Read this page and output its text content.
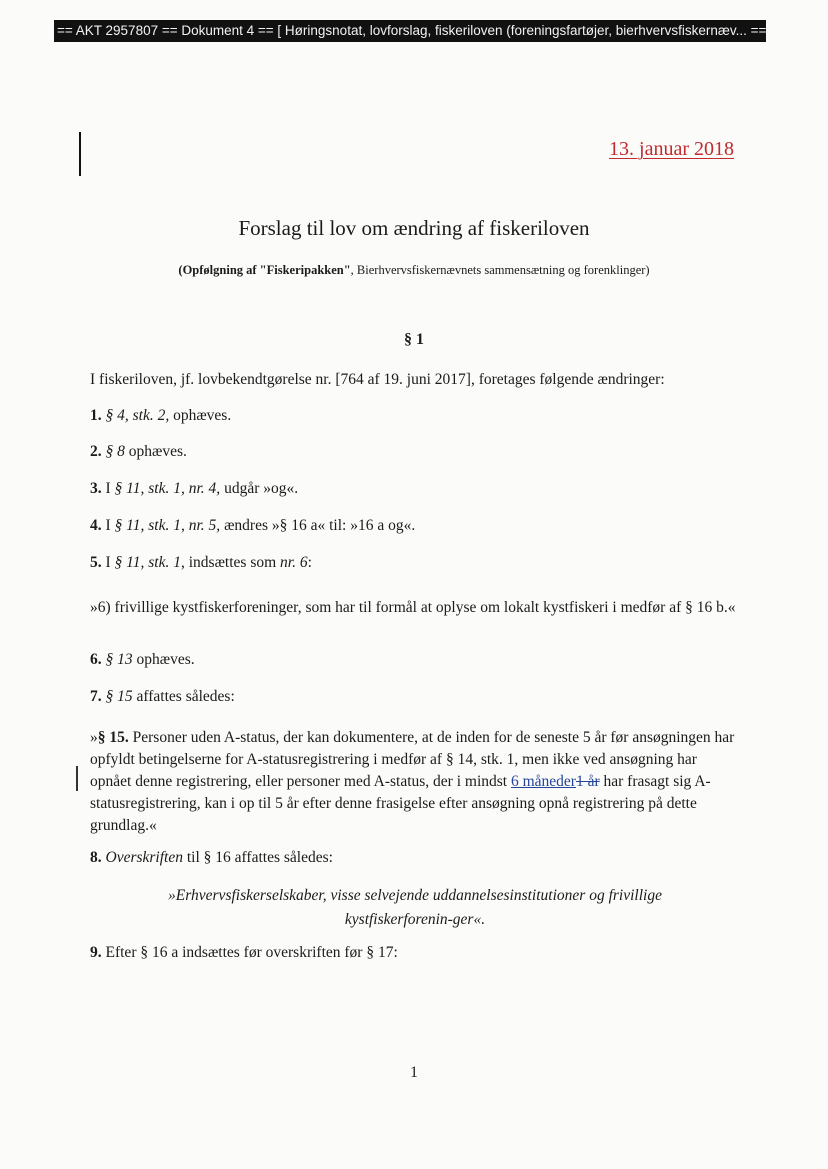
== AKT 2957807 == Dokument 4 == [ Høringsnotat, lovforslag, fiskeriloven (foreningsfartøjer, bierhvervsfiskernæv... ==
13. januar 2018
Forslag til lov om ændring af fiskeriloven
(Opfølgning af "Fiskeripakken", Bierhvervsfiskernævnets sammensætning og forenklinger)
§ 1
I fiskeriloven, jf. lovbekendtgørelse nr. [764 af 19. juni 2017], foretages følgende ændringer:
1. § 4, stk. 2, ophæves.
2. § 8 ophæves.
3. I § 11, stk. 1, nr. 4, udgår »og«.
4. I § 11, stk. 1, nr. 5, ændres »§ 16 a« til: »16 a og«.
5. I § 11, stk. 1, indsættes som nr. 6:
»6) frivillige kystfiskerforeninger, som har til formål at oplyse om lokalt kystfiskeri i medfør af § 16 b.«
6. § 13 ophæves.
7. § 15 affattes således:
»§ 15. Personer uden A-status, der kan dokumentere, at de inden for de seneste 5 år før ansøgningen har opfyldt betingelserne for A-statusregistrering i medfør af § 14, stk. 1, men ikke ved ansøgning har opnået denne registrering, eller personer med A-status, der i mindst 6 måneder1 år har frasagt sig A-statusregistrering, kan i op til 5 år efter denne frasigelse efter ansøgning opnå registrering på dette grundlag.«
8. Overskriften til § 16 affattes således:
»Erhvervsfiskerselskaber, visse selvejende uddannelsesinstitutioner og frivillige kystfiskerforenin-ger«.
9. Efter § 16 a indsættes før overskriften før § 17:
1
